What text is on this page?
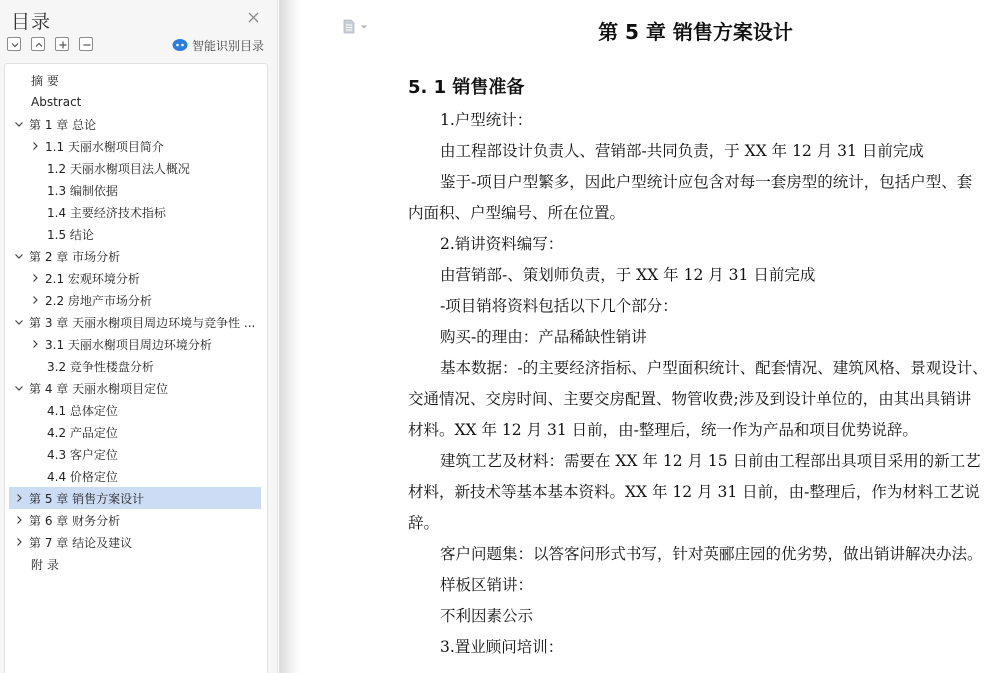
目录
智能识别目录
摘 要
Abstract
第 1 章 总论
1.1 天丽水榭项目简介
1.2 天丽水榭项目法人概况
1.3 编制依据
1.4 主要经济技术指标
1.5 结论
第 2 章 市场分析
2.1 宏观环境分析
2.2 房地产市场分析
第 3 章 天丽水榭项目周边环境与竞争性 ...
3.1 天丽水榭项目周边环境分析
3.2 竞争性楼盘分析
第 4 章 天丽水榭项目定位
4.1 总体定位
4.2 产品定位
4.3 客户定位
4.4 价格定位
第 5 章 销售方案设计
第 6 章 财务分析
第 7 章 结论及建议
附 录
第 5 章 销售方案设计
5. 1 销售准备
1.户型统计：
由工程部设计负责人、营销部-共同负责，于 XX 年 12 月 31 日前完成
鉴于-项目户型繁多，因此户型统计应包含对每一套房型的统计，包括户型、套
内面积、户型编号、所在位置。
2.销讲资料编写：
由营销部-、策划师负责，于 XX 年 12 月 31 日前完成
-项目销将资料包括以下几个部分：
购买-的理由：产品稀缺性销讲
基本数据：-的主要经济指标、户型面积统计、配套情况、建筑风格、景观设计、
交通情况、交房时间、主要交房配置、物管收费;涉及到设计单位的，由其出具销讲
材料。XX 年 12 月 31 日前，由-整理后，统一作为产品和项目优势说辞。
建筑工艺及材料：需要在 XX 年 12 月 15 日前由工程部出具项目采用的新工艺
材料，新技术等基本基本资料。XX 年 12 月 31 日前，由-整理后，作为材料工艺说
辞。
客户问题集：以答客问形式书写，针对英郦庄园的优劣势，做出销讲解决办法。
样板区销讲：
不利因素公示
3.置业顾问培训：
